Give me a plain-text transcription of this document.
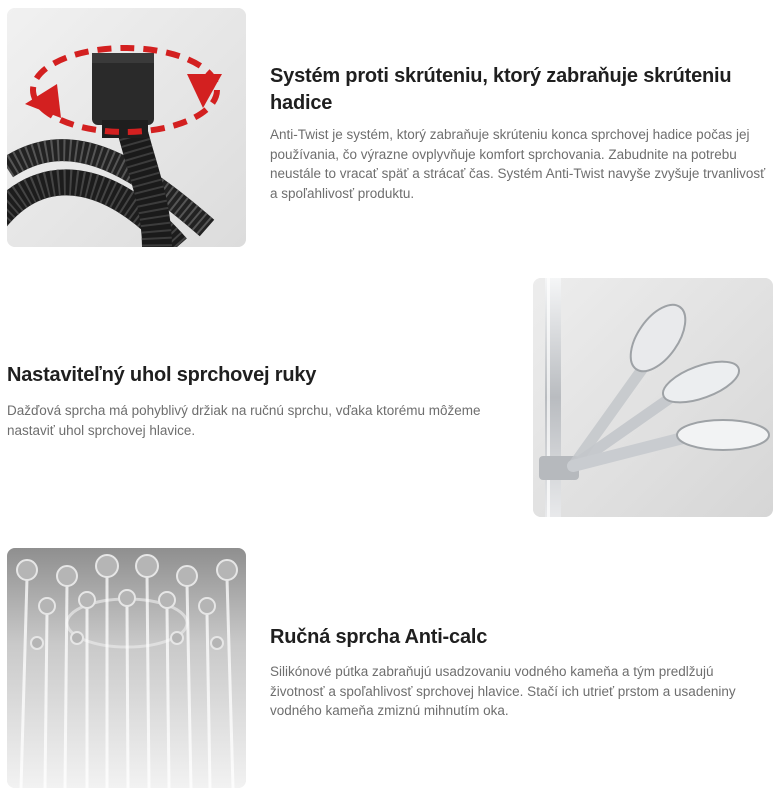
Systém proti skrúteniu, ktorý zabraňuje skrúteniu hadice

Anti-Twist je systém, ktorý zabraňuje skrúteniu konca sprchovej hadice počas jej používania, čo výrazne ovplyvňuje komfort sprchovania. Zabudnite na potrebu neustále to vracať späť a strácať čas. Systém Anti-Twist navyše zvyšuje trvanlivosť a spoľahlivosť produktu.

Nastaviteľný uhol sprchovej ruky

Dažďová sprcha má pohyblivý držiak na ručnú sprchu, vďaka ktorému môžeme nastaviť uhol sprchovej hlavice.

Ručná sprcha Anti-calc

Silikónové pútka zabraňujú usadzovaniu vodného kameňa a tým predlžujú životnosť a spoľahlivosť sprchovej hlavice. Stačí ich utrieť prstom a usadeniny vodného kameňa zmiznú mihnutím oka.
